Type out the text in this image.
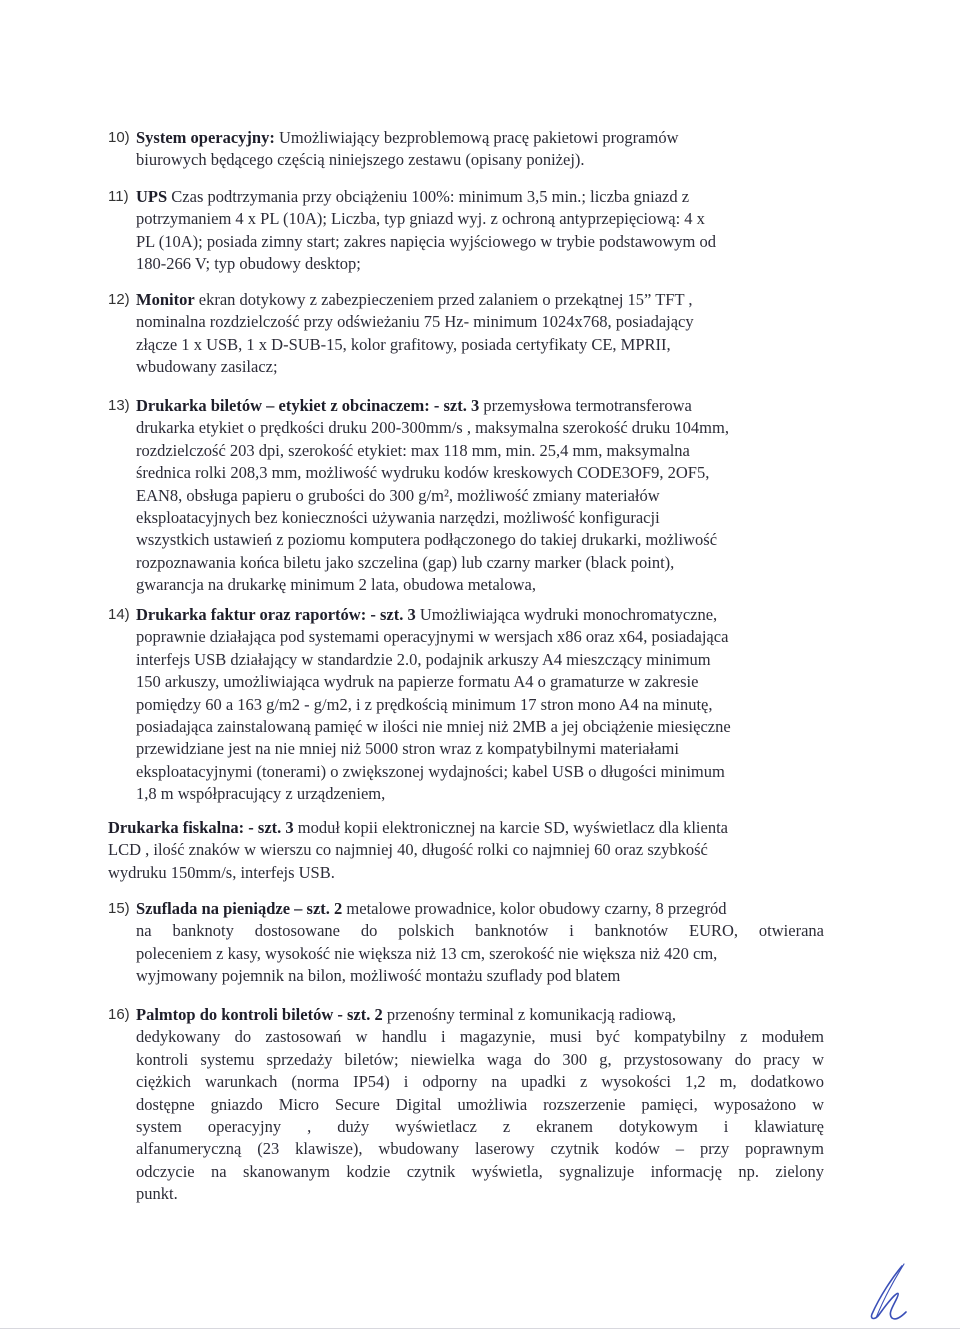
10) System operacyjny: Umożliwiający bezproblemową pracę pakietowi programów
biurowych będącego częścią niniejszego zestawu (opisany poniżej).
11) UPS Czas podtrzymania przy obciążeniu 100%: minimum 3,5 min.; liczba gniazd z
potrzymaniem 4 x PL (10A); Liczba, typ gniazd wyj. z ochroną antyprzepięciową: 4 x
PL (10A); posiada zimny start; zakres napięcia wyjściowego w trybie podstawowym od
180-266 V; typ obudowy desktop;
12) Monitor ekran dotykowy z zabezpieczeniem przed zalaniem o przekątnej 15” TFT ,
nominalna rozdzielczość przy odświeżaniu 75 Hz- minimum 1024x768, posiadający
złącze 1 x USB, 1 x D-SUB-15, kolor grafitowy, posiada certyfikaty CE, MPRII,
wbudowany zasilacz;
13) Drukarka biletów – etykiet z obcinaczem: - szt. 3 przemysłowa termotransferowa
drukarka etykiet o prędkości druku 200-300mm/s , maksymalna szerokość druku 104mm,
rozdzielczość 203 dpi, szerokość etykiet: max 118 mm, min. 25,4 mm, maksymalna
średnica rolki 208,3 mm, możliwość wydruku kodów kreskowych CODE3OF9, 2OF5,
EAN8, obsługa papieru o grubości do 300 g/m², możliwość zmiany materiałów
eksploatacyjnych bez konieczności używania narzędzi, możliwość konfiguracji
wszystkich ustawień z poziomu komputera podłączonego do takiej drukarki, możliwość
rozpoznawania końca biletu jako szczelina (gap) lub czarny marker (black point),
gwarancja na drukarkę minimum 2 lata, obudowa metalowa,
14) Drukarka faktur oraz raportów: - szt. 3 Umożliwiająca wydruki monochromatyczne,
poprawnie działająca pod systemami operacyjnymi w wersjach x86 oraz x64, posiadająca
interfejs USB działający w standardzie 2.0, podajnik arkuszy A4 mieszczący minimum
150 arkuszy, umożliwiająca wydruk na papierze formatu A4 o gramaturze w zakresie
pomiędzy 60 a 163 g/m2 - g/m2, i z prędkością minimum 17 stron mono A4 na minutę,
posiadająca zainstalowaną pamięć w ilości nie mniej niż 2MB a jej obciążenie miesięczne
przewidziane jest na nie mniej niż 5000 stron wraz z kompatybilnymi materiałami
eksploatacyjnymi (tonerami) o zwiększonej wydajności; kabel USB o długości minimum
1,8 m współpracujący z urządzeniem,
Drukarka fiskalna: - szt. 3 moduł kopii elektronicznej na karcie SD, wyświetlacz dla klienta
LCD , ilość znaków w wierszu co najmniej 40, długość rolki co najmniej 60 oraz szybkość
wydruku 150mm/s, interfejs USB.
15) Szuflada na pieniądze – szt. 2 metalowe prowadnice, kolor obudowy czarny, 8 przegród
na banknoty dostosowane do polskich banknotów i banknotów EURO, otwierana
poleceniem z kasy, wysokość nie większa niż 13 cm, szerokość nie większa niż 420 cm,
wyjmowany pojemnik na bilon, możliwość montażu szuflady pod blatem
16) Palmtop do kontroli biletów - szt. 2 przenośny terminal z komunikacją radiową,
dedykowany do zastosowań w handlu i magazynie, musi być kompatybilny z modułem
kontroli systemu sprzedaży biletów; niewielka waga do 300 g, przystosowany do pracy w
ciężkich warunkach (norma IP54) i odporny na upadki z wysokości 1,2 m, dodatkowo
dostępne gniazdo Micro Secure Digital umożliwia rozszerzenie pamięci, wyposażono w
system operacyjny , duży wyświetlacz z ekranem dotykowym i klawiaturę
alfanumeryczną (23 klawisze), wbudowany laserowy czytnik kodów – przy poprawnym
odczycie na skanowanym kodzie czytnik wyświetla, sygnalizuje informację np. zielony
punkt.
